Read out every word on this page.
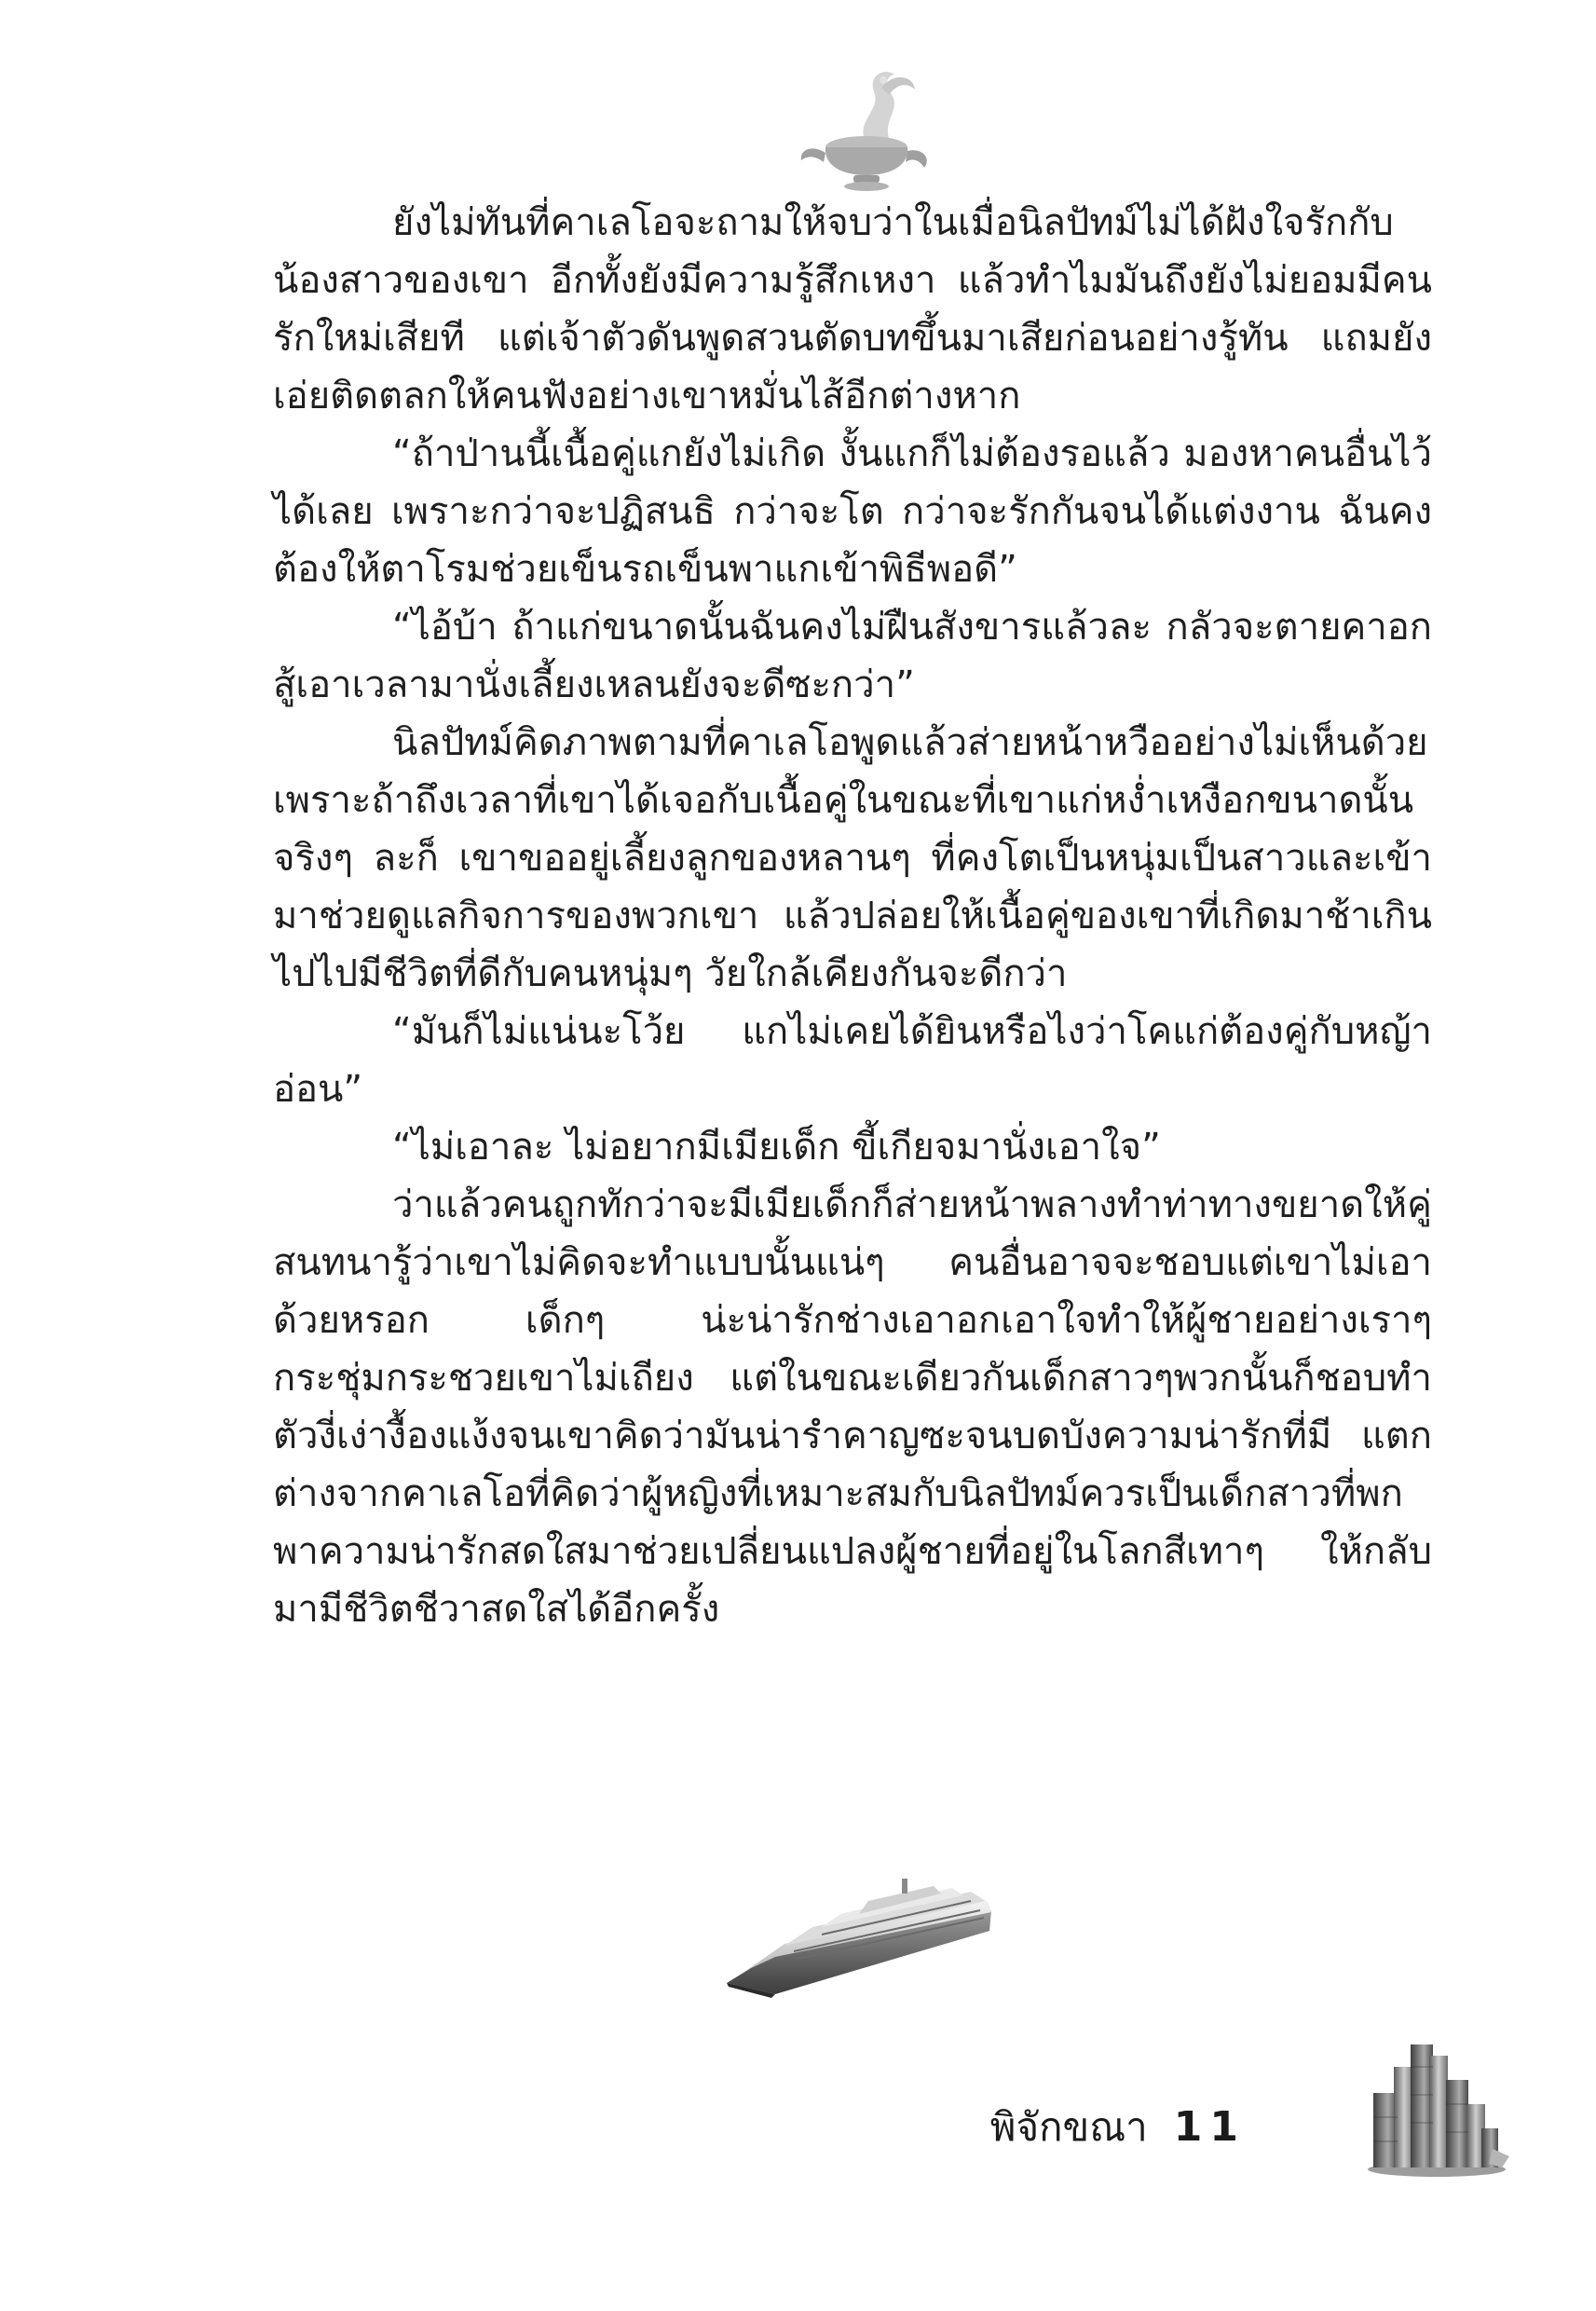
ยังไม่ทันที่คาเลโอจะถามให้จบว่าในเมื่อนิลปัทม์ไม่ได้ฝังใจรักกับน้องสาวของเขา อีกทั้งยังมีความรู้สึกเหงา แล้วทำไมมันถึงยังไม่ยอมมีคนรักใหม่เสียที แต่เจ้าตัวดันพูดสวนตัดบทขึ้นมาเสียก่อนอย่างรู้ทัน แถมยังเอ่ยติดตลกให้คนฟังอย่างเขาหมั่นไส้อีกต่างหาก

“ถ้าป่านนี้เนื้อคู่แกยังไม่เกิด งั้นแกก็ไม่ต้องรอแล้ว มองหาคนอื่นไว้ได้เลย เพราะกว่าจะปฏิสนธิ กว่าจะโต กว่าจะรักกันจนได้แต่งงาน ฉันคงต้องให้ตาโรมช่วยเข็นรถเข็นพาแกเข้าพิธีพอดี”

“ไอ้บ้า ถ้าแก่ขนาดนั้นฉันคงไม่ฝืนสังขารแล้วละ กลัวจะตายคาอกสู้เอาเวลามานั่งเลี้ยงเหลนยังจะดีซะกว่า”

นิลปัทม์คิดภาพตามที่คาเลโอพูดแล้วส่ายหน้าหวืออย่างไม่เห็นด้วยเพราะถ้าถึงเวลาที่เขาได้เจอกับเนื้อคู่ในขณะที่เขาแก่หง่ำเหงือกขนาดนั้นจริงๆ ละก็ เขาขออยู่เลี้ยงลูกของหลานๆ ที่คงโตเป็นหนุ่มเป็นสาวและเข้ามาช่วยดูแลกิจการของพวกเขา แล้วปล่อยให้เนื้อคู่ของเขาที่เกิดมาช้าเกินไปไปมีชีวิตที่ดีกับคนหนุ่มๆ วัยใกล้เคียงกันจะดีกว่า

“มันก็ไม่แน่นะโว้ย แกไม่เคยได้ยินหรือไงว่าโคแก่ต้องคู่กับหญ้าอ่อน”

“ไม่เอาละ ไม่อยากมีเมียเด็ก ขี้เกียจมานั่งเอาใจ”

ว่าแล้วคนถูกทักว่าจะมีเมียเด็กก็ส่ายหน้าพลางทำท่าทางขยาดให้คู่สนทนารู้ว่าเขาไม่คิดจะทำแบบนั้นแน่ๆ คนอื่นอาจจะชอบแต่เขาไม่เอาด้วยหรอก เด็กๆ น่ะน่ารักช่างเอาอกเอาใจทำให้ผู้ชายอย่างเราๆ กระชุ่มกระชวยเขาไม่เถียง แต่ในขณะเดียวกันเด็กสาวๆพวกนั้นก็ชอบทำตัวงี่เง่างื้องแง้งจนเขาคิดว่ามันน่ารำคาญซะจนบดบังความน่ารักที่มี แตกต่างจากคาเลโอที่คิดว่าผู้หญิงที่เหมาะสมกับนิลปัทม์ควรเป็นเด็กสาวที่พกพาความน่ารักสดใสมาช่วยเปลี่ยนแปลงผู้ชายที่อยู่ในโลกสีเทาๆ ให้กลับมามีชีวิตชีวาสดใสได้อีกครั้ง

พิจักขณา 11
